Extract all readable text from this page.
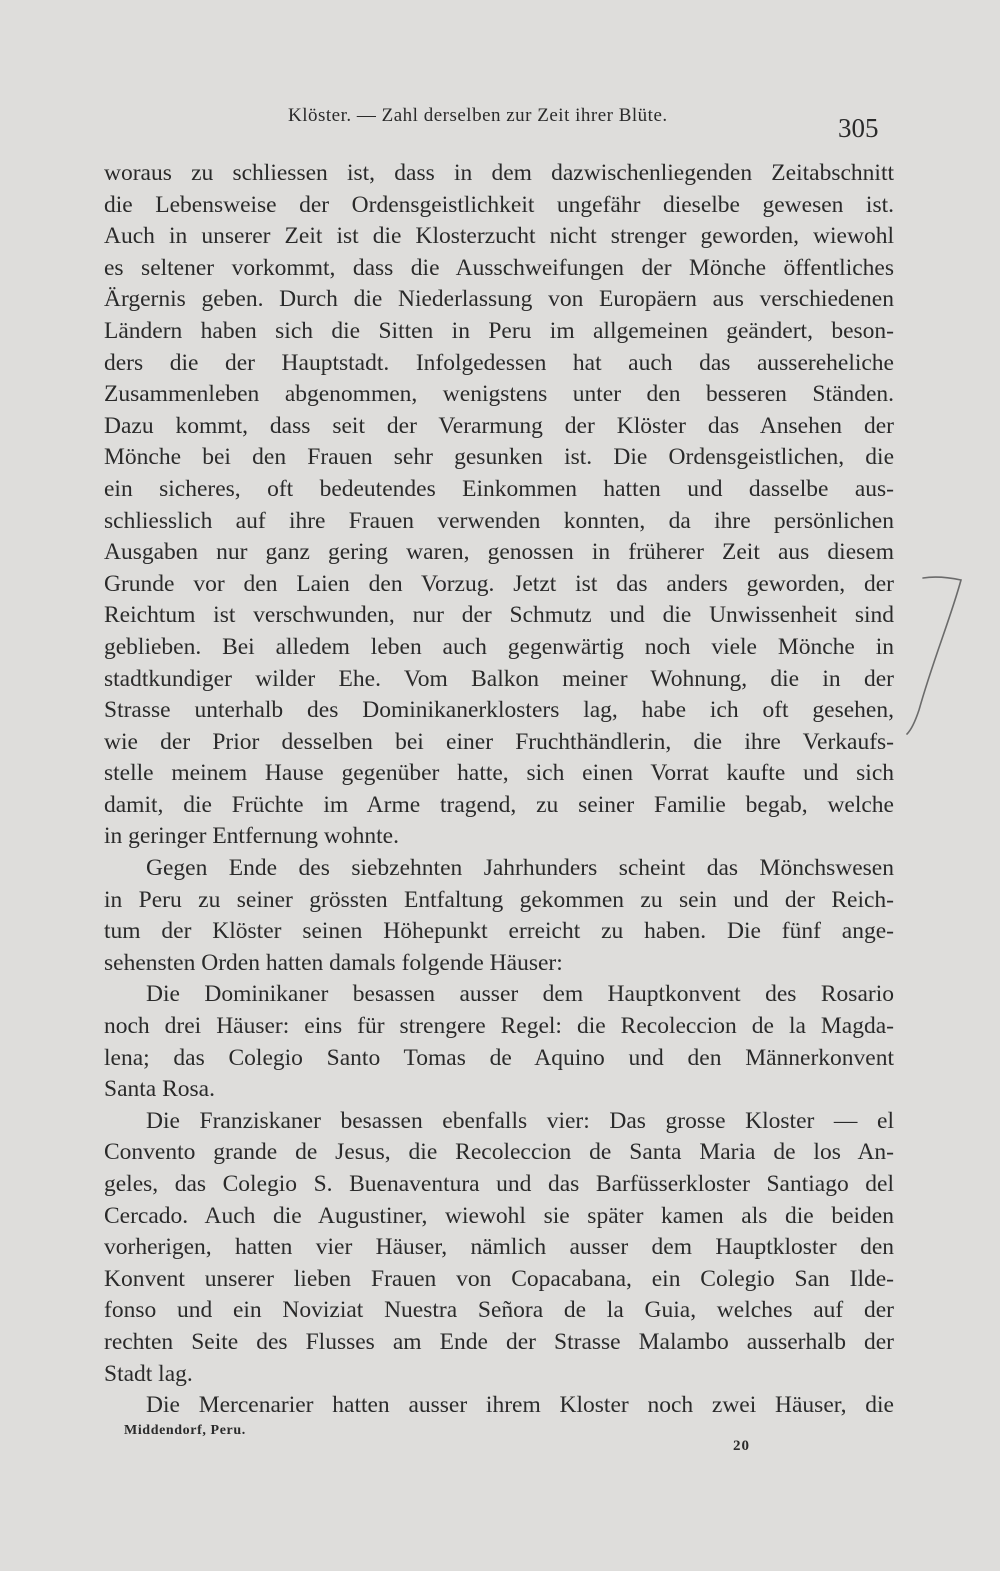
Klöster. — Zahl derselben zur Zeit ihrer Blüte.	305
woraus zu schliessen ist, dass in dem dazwischenliegenden Zeitabschnitt
die Lebensweise der Ordensgeistlichkeit ungefähr dieselbe gewesen ist.
Auch in unserer Zeit ist die Klosterzucht nicht strenger geworden, wiewohl
es seltener vorkommt, dass die Ausschweifungen der Mönche öffentliches
Ärgernis geben. Durch die Niederlassung von Europäern aus verschiedenen
Ländern haben sich die Sitten in Peru im allgemeinen geändert, beson-
ders die der Hauptstadt. Infolgedessen hat auch das aussereheliche
Zusammenleben abgenommen, wenigstens unter den besseren Ständen.
Dazu kommt, dass seit der Verarmung der Klöster das Ansehen der
Mönche bei den Frauen sehr gesunken ist. Die Ordensgeistlichen, die
ein sicheres, oft bedeutendes Einkommen hatten und dasselbe aus-
schliesslich auf ihre Frauen verwenden konnten, da ihre persönlichen
Ausgaben nur ganz gering waren, genossen in früherer Zeit aus diesem
Grunde vor den Laien den Vorzug. Jetzt ist das anders geworden, der
Reichtum ist verschwunden, nur der Schmutz und die Unwissenheit sind
geblieben. Bei alledem leben auch gegenwärtig noch viele Mönche in
stadtkundiger wilder Ehe. Vom Balkon meiner Wohnung, die in der
Strasse unterhalb des Dominikanerklosters lag, habe ich oft gesehen,
wie der Prior desselben bei einer Fruchthändlerin, die ihre Verkaufs-
stelle meinem Hause gegenüber hatte, sich einen Vorrat kaufte und sich
damit, die Früchte im Arme tragend, zu seiner Familie begab, welche
in geringer Entfernung wohnte.
Gegen Ende des siebzehnten Jahrhunders scheint das Mönchswesen
in Peru zu seiner grössten Entfaltung gekommen zu sein und der Reich-
tum der Klöster seinen Höhepunkt erreicht zu haben. Die fünf ange-
sehensten Orden hatten damals folgende Häuser:
Die Dominikaner besassen ausser dem Hauptkonvent des Rosario
noch drei Häuser: eins für strengere Regel: die Recoleccion de la Magda-
lena; das Colegio Santo Tomas de Aquino und den Männerkonvent
Santa Rosa.
Die Franziskaner besassen ebenfalls vier: Das grosse Kloster — el
Convento grande de Jesus, die Recoleccion de Santa Maria de los An-
geles, das Colegio S. Buenaventura und das Barfüsserkloster Santiago del
Cercado. Auch die Augustiner, wiewohl sie später kamen als die beiden
vorherigen, hatten vier Häuser, nämlich ausser dem Hauptkloster den
Konvent unserer lieben Frauen von Copacabana, ein Colegio San Ilde-
fonso und ein Noviziat Nuestra Señora de la Guia, welches auf der
rechten Seite des Flusses am Ende der Strasse Malambo ausserhalb der
Stadt lag.
Die Mercenarier hatten ausser ihrem Kloster noch zwei Häuser, die
Middendorf, Peru.
20
